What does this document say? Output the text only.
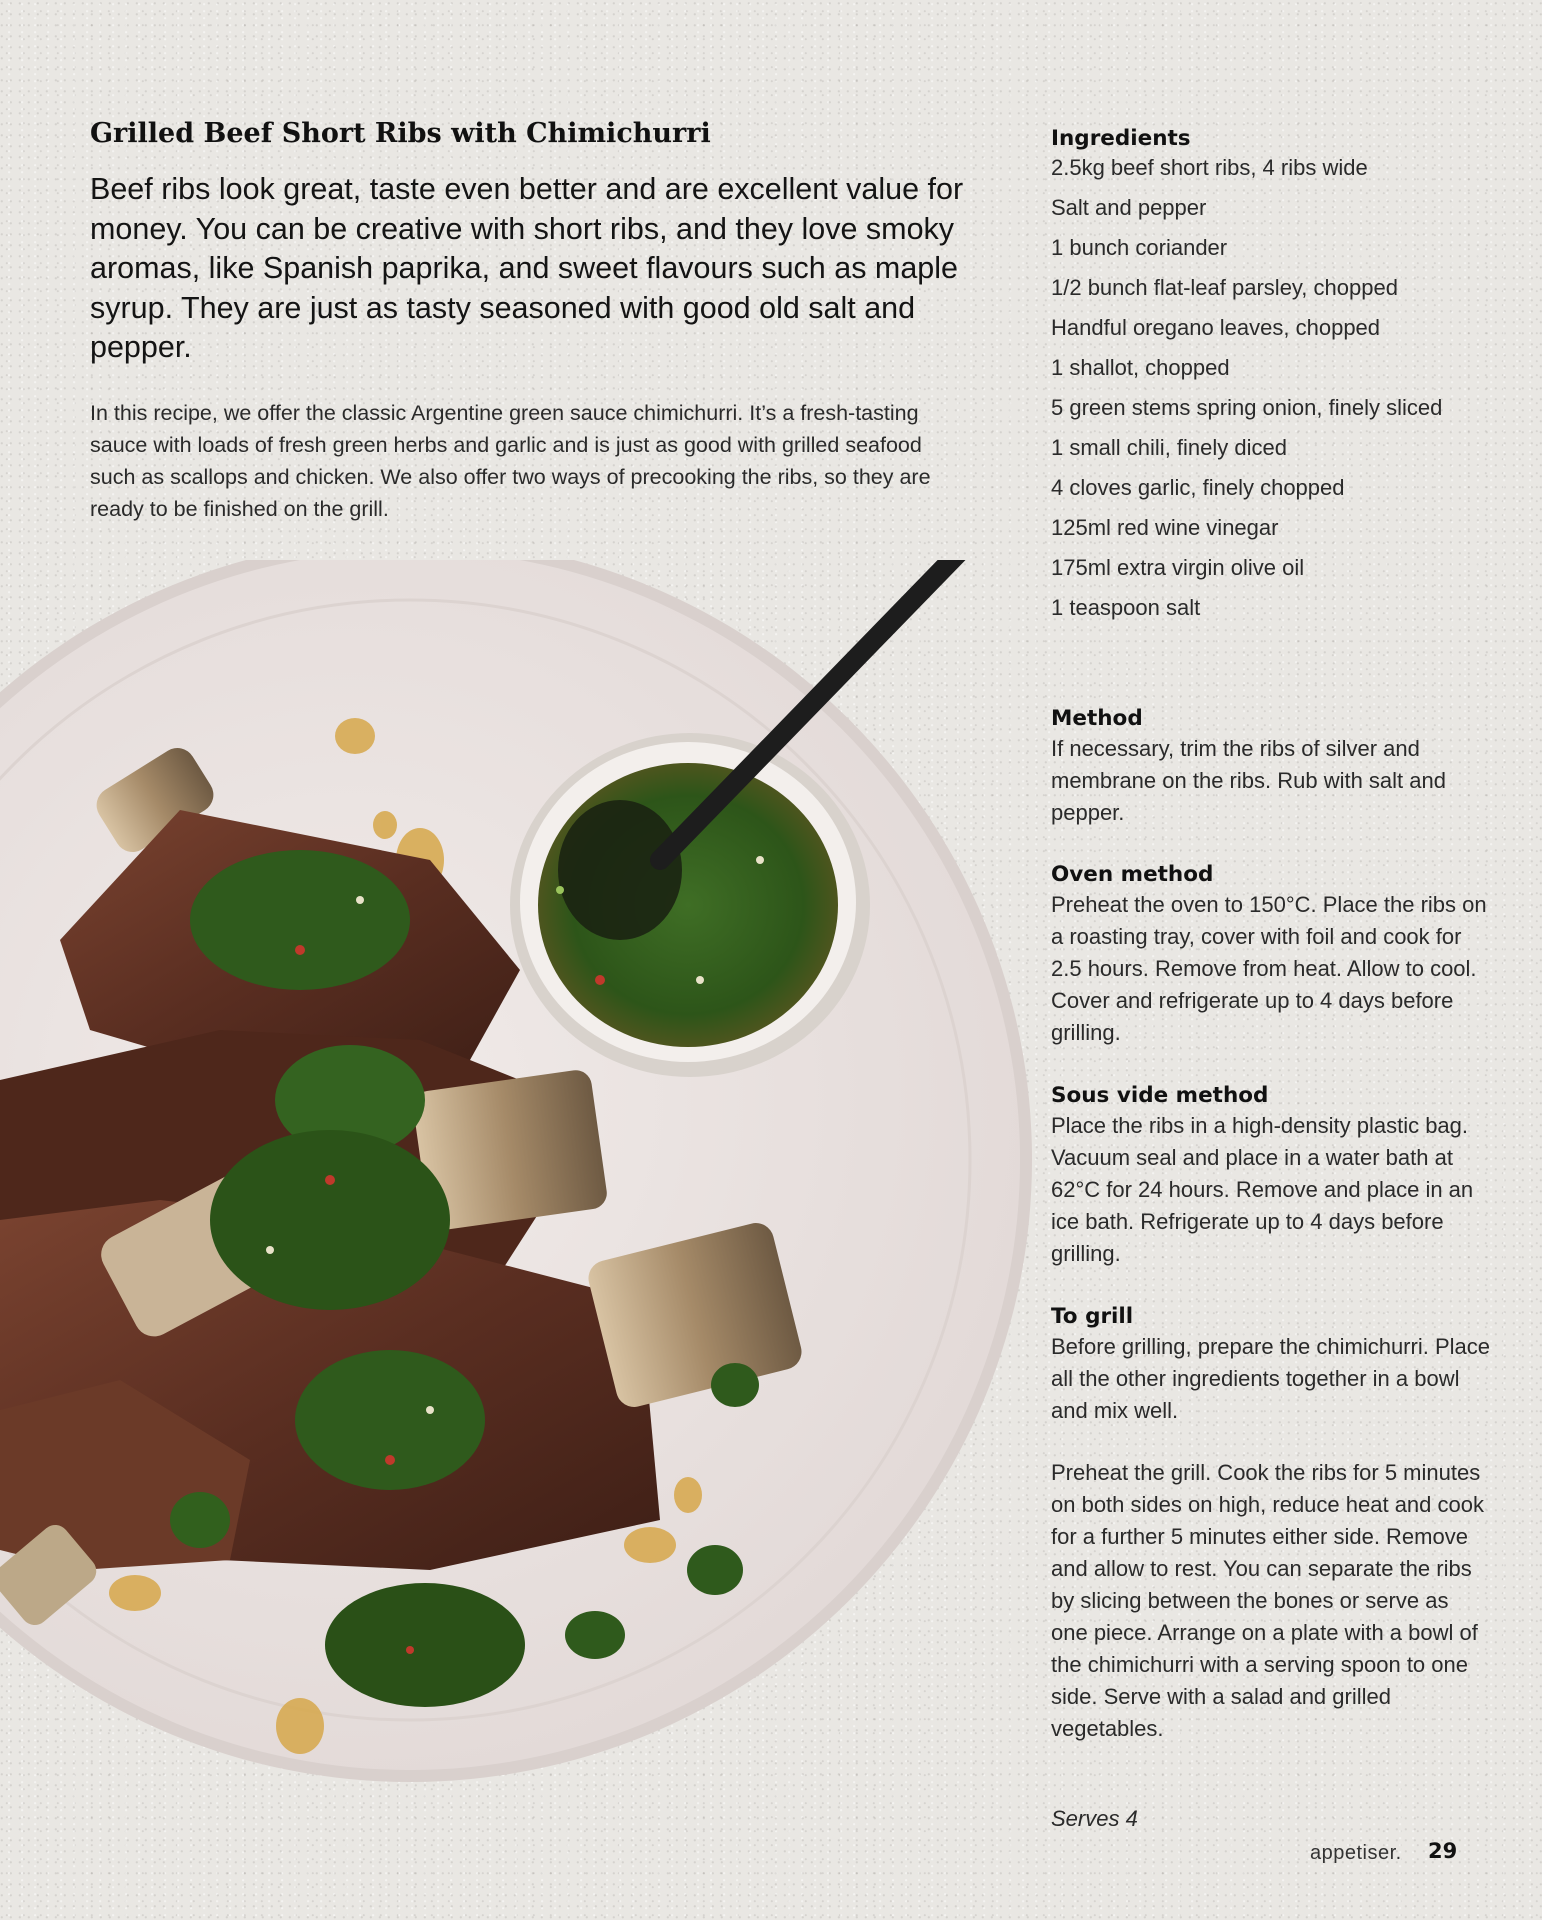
Grilled Beef Short Ribs with Chimichurri

Beef ribs look great, taste even better and are excellent value for money. You can be creative with short ribs, and they love smoky aromas, like Spanish paprika, and sweet flavours such as maple syrup. They are just as tasty seasoned with good old salt and pepper.

In this recipe, we offer the classic Argentine green sauce chimichurri. It’s a fresh-tasting sauce with loads of fresh green herbs and garlic and is just as good with grilled seafood such as scallops and chicken. We also offer two ways of precooking the ribs, so they are ready to be finished on the grill.

Ingredients
2.5kg beef short ribs, 4 ribs wide
Salt and pepper
1 bunch coriander
1/2 bunch flat-leaf parsley, chopped
Handful oregano leaves, chopped
1 shallot, chopped
5 green stems spring onion, finely sliced
1 small chili, finely diced
4 cloves garlic, finely chopped
125ml red wine vinegar
175ml extra virgin olive oil
1 teaspoon salt
Method

If necessary, trim the ribs of silver and membrane on the ribs. Rub with salt and pepper.

Oven method

Preheat the oven to 150°C. Place the ribs on a roasting tray, cover with foil and cook for 2.5 hours. Remove from heat. Allow to cool. Cover and refrigerate up to 4 days before grilling.

Sous vide method

Place the ribs in a high-density plastic bag. Vacuum seal and place in a water bath at 62°C for 24 hours. Remove and place in an ice bath. Refrigerate up to 4 days before grilling.

To grill

Before grilling, prepare the chimichurri. Place all the other ingredients together in a bowl and mix well.

Preheat the grill. Cook the ribs for 5 minutes on both sides on high, reduce heat and cook for a further 5 minutes either side. Remove and allow to rest. You can separate the ribs by slicing between the bones or serve as one piece. Arrange on a plate with a bowl of the chimichurri with a serving spoon to one side. Serve with a salad and grilled vegetables.

Serves 4

appetiser. 29
